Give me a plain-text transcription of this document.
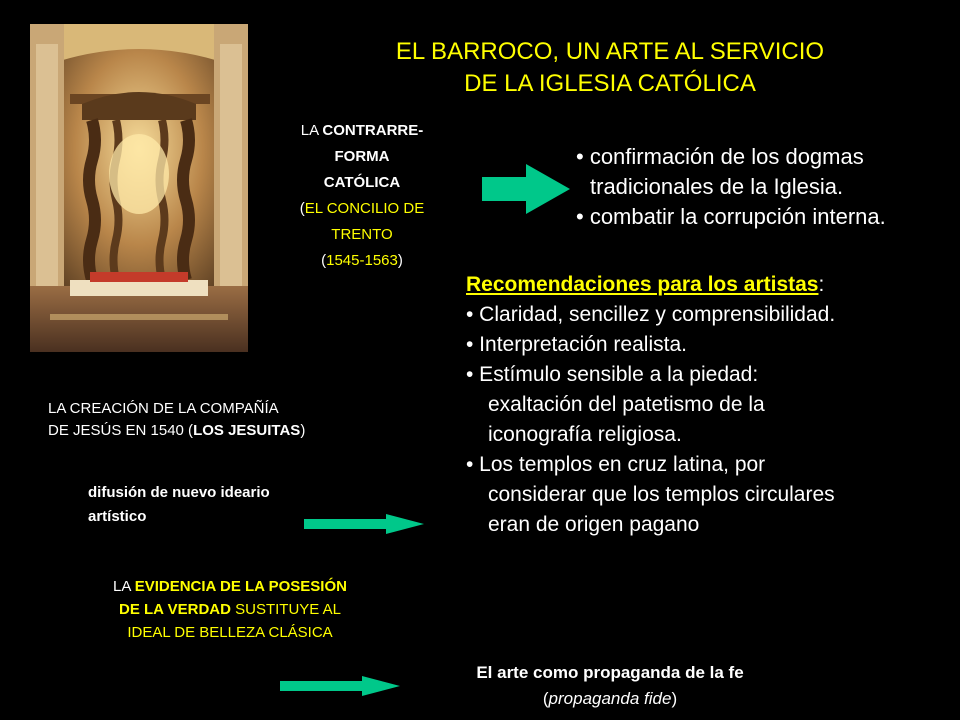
EL BARROCO, UN ARTE AL SERVICIO
DE LA IGLESIA CATÓLICA
LA CONTRARRE-
FORMA
CATÓLICA
(EL CONCILIO DE
TRENTO
(1545-1563)
• confirmación de los dogmas
tradicionales de la Iglesia.
• combatir la corrupción interna.
Recomendaciones para los artistas:
• Claridad, sencillez y comprensibilidad.
• Interpretación realista.
• Estímulo sensible a la piedad:
exaltación del patetismo de la
iconografía religiosa.
• Los templos en cruz latina, por
considerar que los templos circulares
eran de origen pagano
LA CREACIÓN DE LA COMPAÑÍA
DE JESÚS EN 1540 (LOS JESUITAS)
difusión de nuevo ideario
artístico
LA EVIDENCIA DE LA POSESIÓN
DE LA VERDAD SUSTITUYE AL
IDEAL DE BELLEZA CLÁSICA
El arte como propaganda de la fe
(propaganda fide)
